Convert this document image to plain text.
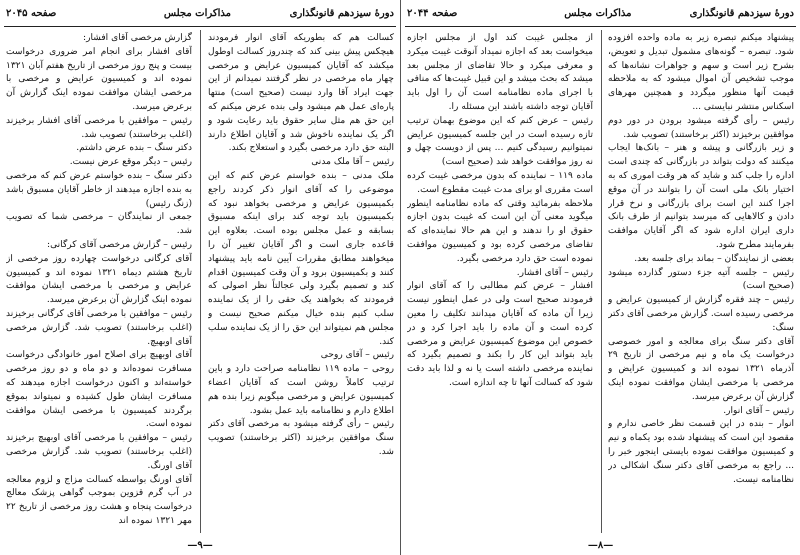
دورهٔ سیزدهم قانونگذاری
مذاکرات مجلس
صفحه ۲۰۴۵

کسالت هم که بطوریکه آقای انوار فرمودند هیچکس پیش بینی کند که چندروز کسالت اوطول میکشد که آقایان کمیسیون عرایض و مرخصی چهار ماه مرخصی در نظر گرفتند نمیدانم از این جهت ایراد آقا وارد نیست (صحیح است) منتها پاره‌ای عمل هم میشود ولی بنده عرض میکنم که این حق هم مثل سایر حقوق باید رعایت شود و اگر یک نماینده ناخوش شد و آقایان اطلاع دارند البته حق دارد مرخصی بگیرد و استعلاج بکند.

رئیس – آقا ملک مدنی

ملک مدنی – بنده خواستم عرض کنم که این موضوعی را که آقای انوار ذکر کردند راجع بکمیسیون عرایض و مرخصی بخواهد نبود که بکمیسیون باید توجه کند برای اینکه مسبوق بسابقه و عمل مجلس بوده است. بعلاوه این قاعده جاری است و اگر آقایان تغییر آن را میخواهند مطابق مقررات آیین نامه باید پیشنهاد کنند و بکمیسیون برود و آن وقت کمیسیون اقدام کند و تصمیم بگیرد ولی عجالتاً نظر اصولی که فرمودند که بخواهند یک حقی را از یک نماینده سلب کنیم بنده خیال میکنم صحیح نیست و مجلس هم نمیتواند این حق را از یک نماینده سلب کند.

رئیس – آقای روحی

روحی – ماده ۱۱۹ نظامنامه صراحت دارد و باین ترتیب کاملاً روشن است که آقایان اعضاء کمیسیون عرایض و مرخصی میگویم زیرا بنده هم اطلاع دارم و نظامنامه باید عمل بشود.

رئیس – رأی گرفته میشود به مرخصی آقای دکتر سنگ موافقین برخیزند (اکثر برخاستند) تصویب شد.

گزارش مرخصی آقای افشار:

آقای افشار برای انجام امر ضروری درخواست بیست و پنج روز مرخصی از تاریخ هفتم آبان ۱۳۲۱ نموده اند و کمیسیون عرایض و مرخصی با مرخصی ایشان موافقت نموده اینک گزارش آن برعرض میرسد.

رئیس – موافقین با مرخصی آقای افشار برخیزند (اغلب برخاستند) تصویب شد.

دکتر سنگ – بنده عرض داشتم.

رئیس – دیگر موقع عرض نیست.

دکتر سنگ – بنده خواستم عرض کنم که مرخصی به بنده اجازه میدهند از خاطر آقایان مسبوق باشد (زنگ رئیس)

جمعی از نمایندگان – مرخصی شما که تصویب شد.

رئیس – گزارش مرخصی آقای کرگانی:

آقای کرگانی درخواست چهارده روز مرخصی از تاریخ هشتم دیماه ۱۳۲۱ نموده اند و کمیسیون عرایض و مرخصی با مرخصی ایشان موافقت نموده اینک گزارش آن برعرض میرسد.

رئیس – موافقین با مرخصی آقای کرگانی برخیزند (اغلب برخاستند) تصویب شد. گزارش مرخصی آقای اوبهیچ.

آقای اوبهیچ برای اصلاح امور خانوادگی درخواست مسافرت نموده‌اند و دو ماه و دو روز مرخصی خواسته‌اند و اکنون درخواست اجازه میدهند که مسافرت ایشان طول کشیده و نمیتواند بموقع برگردند کمیسیون با مرخصی ایشان موافقت نموده است.

رئیس – موافقین با مرخصی آقای اوبهیچ برخیزند (اغلب برخاستند) تصویب شد. گزارش مرخصی آقای اورنگ.

آقای اورنگ بواسطه کسالت مزاج و لزوم معالجه در آب گرم قزوین بموجب گواهی پزشک معالج درخواست پنجاه و هشت روز مرخصی از تاریخ ۲۲ مهر ۱۳۲۱ نموده اند

—۹—
دورهٔ سیزدهم قانونگذاری
مذاکرات مجلس
صفحه ۲۰۴۴

پیشنهاد میکنم تبصره زیر به ماده واحده افزوده شود. تبصره – گونه‌های مشمول تبدیل و تعویض، بشرح زیر است و سهم و جواهرات نشانه‌ها که موجب تشخیص آن اموال میشود که به ملاحظه قیمت آنها منظور میگردد و همچنین مهرهای اسکناس منتشر نبایستی ...

رئیس – رأی گرفته میشود برودن در دور دوم موافقین برخیزند (اکثر برخاستند) تصویب شد.

و زیر بازرگانی و پیشه و هنر – بانک‌ها ایجاب میکنند که دولت بتواند در بازرگانی که چندی است اداره را جلب کند و شاید که هر وقت اموری که به اختیار بانک ملی است آن را بتوانند در آن موقع اجرا کنند این است برای بازرگانی و نرخ قرار دادن و کالاهایی که میرسد بتوانیم از طرف بانک داری ایران اداره شود که اگر آقایان موافقت بفرمایند مطرح شود.

بعضی از نمایندگان – بماند برای جلسه بعد.

رئیس – جلسه آتیه جزء دستور گذارده میشود (صحیح است)

رئیس – چند فقره گزارش از کمیسیون عرایض و مرخصی رسیده است. گزارش مرخصی آقای دکتر سنگ:

آقای دکتر سنگ برای معالجه و امور خصوصی درخواست یک ماه و نیم مرخصی از تاریخ ۲۹ آذرماه ۱۳۲۱ نموده اند و کمیسیون عرایض و مرخصی با مرخصی ایشان موافقت نموده اینک گزارش آن برعرض میرسد.

رئیس – آقای انوار.

انوار – بنده در این قسمت نظر خاصی ندارم و مقصود این است که پیشنهاد شده بود یکماه و نیم و کمیسیون موافقت نموده بایستی اینجور خبر را ... راجع به مرخصی آقای دکتر سنگ اشکالی در نظامنامه نیست.

از مجلس غیبت کند اول از مجلس اجازه میخواست بعد که اجازه نمیداد آنوقت غیبت میکرد و معرفی میکرد و حالا تقاضای از مجلس بعد میشد که بحث میشد و این قبیل غیبت‌ها که منافی با اجرای ماده نظامنامه است آن را اول باید آقایان توجه داشته باشند این مسئله را.

رئیس – عرض کنم که این موضوع بهمان ترتیب تازه رسیده است در این جلسه کمیسیون عرایض نمیتوانیم رسیدگی کنیم ... پس از دویست چهل و نه روز موافقت خواهد شد (صحیح است)

ماده ۱۱۹ – نماینده که بدون مرخصی غیبت کرده است مقرری او برای مدت غیبت مقطوع است.

ملاحظه بفرمائید وقتی که ماده نظامنامه اینطور میگوید معنی آن این است که غیبت بدون اجازه حقوق او را ندهند و این هم حالا نماینده‌ای که تقاضای مرخصی کرده بود و کمیسیون موافقت نموده است حق دارد مرخصی بگیرد.

رئیس – آقای افشار.

افشار – عرض کنم مطالبی را که آقای انوار فرمودند صحیح است ولی در عمل اینطور نیست زیرا آن ماده که آقایان میدانند تکلیف را معین کرده است و آن ماده را باید اجرا کرد و در خصوص این موضوع کمیسیون عرایض و مرخصی باید بتواند این کار را بکند و تصمیم بگیرد که نماینده مرخصی داشته است یا نه و لذا باید دقت شود که کسالت آنها تا چه اندازه است.

—۸—
